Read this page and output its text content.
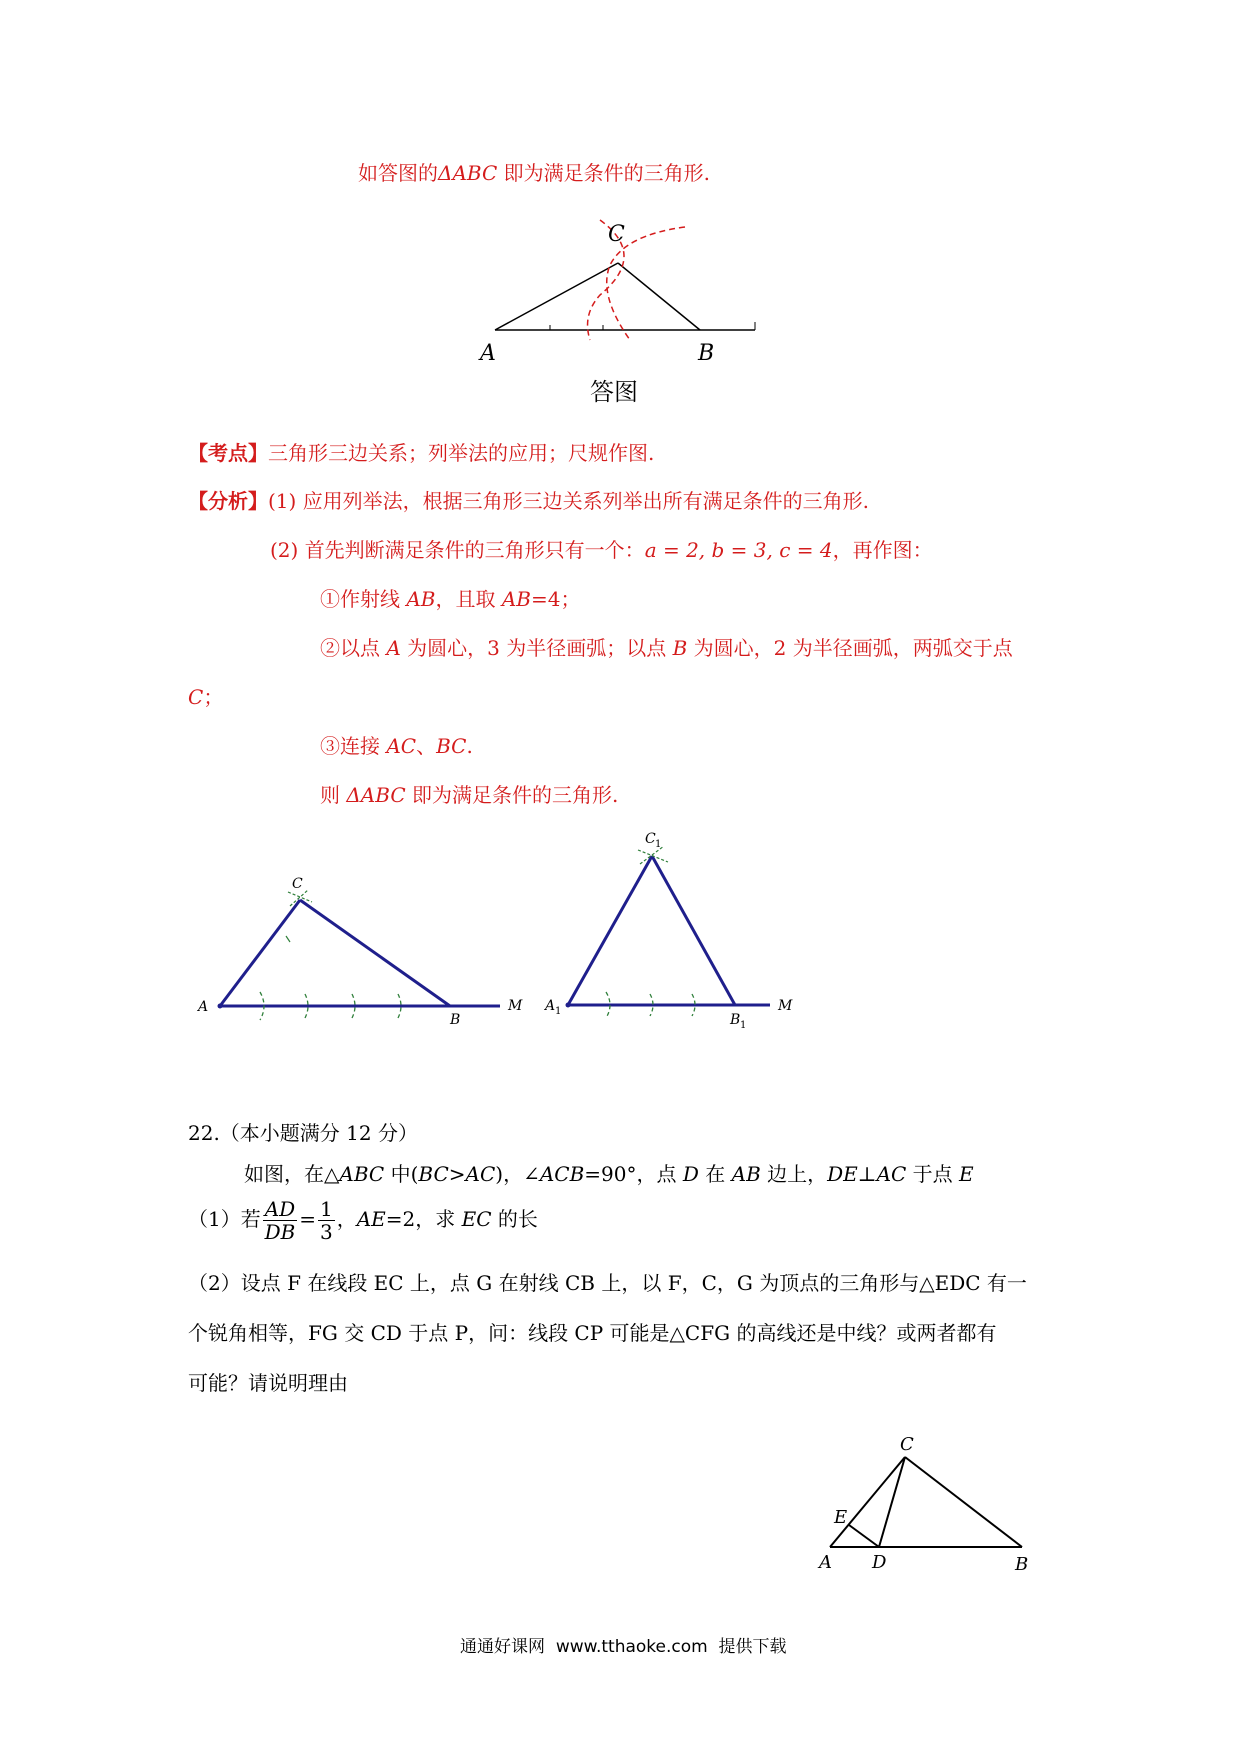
如答图的ΔABC 即为满足条件的三角形.
A	B
C
答图
【考点】三角形三边关系；列举法的应用；尺规作图.
【分析】(1) 应用列举法，根据三角形三边关系列举出所有满足条件的三角形.
(2) 首先判断满足条件的三角形只有一个：a = 2, b = 3, c = 4，再作图：
①作射线 AB，且取 AB=4；
②以点 A 为圆心，3 为半径画弧；以点 B 为圆心，2 为半径画弧，两弧交于点
C；
③连接 AC、BC.
则 ΔABC 即为满足条件的三角形.
A
B
C
M A 1
B 1
C 1
M
22.（本小题满分 12 分）
如图，在△ABC 中(BC>AC)，∠ACB=90°，点 D 在 AB 边上，DE⊥AC 于点 E
（1）若 $\frac{AD}{DB} = \frac{1}{3}$ ，AE=2，求 EC 的长
（2）设点 F 在线段 EC 上，点 G 在射线 CB 上，以 F，C，G 为顶点的三角形与△EDC 有一
个锐角相等，FG 交 CD 于点 P，问：线段 CP 可能是△CFG 的高线还是中线？或两者都有
可能？请说明理由
A	B
C
D
E
通通好课网 www.tthaoke.com 提供下载
